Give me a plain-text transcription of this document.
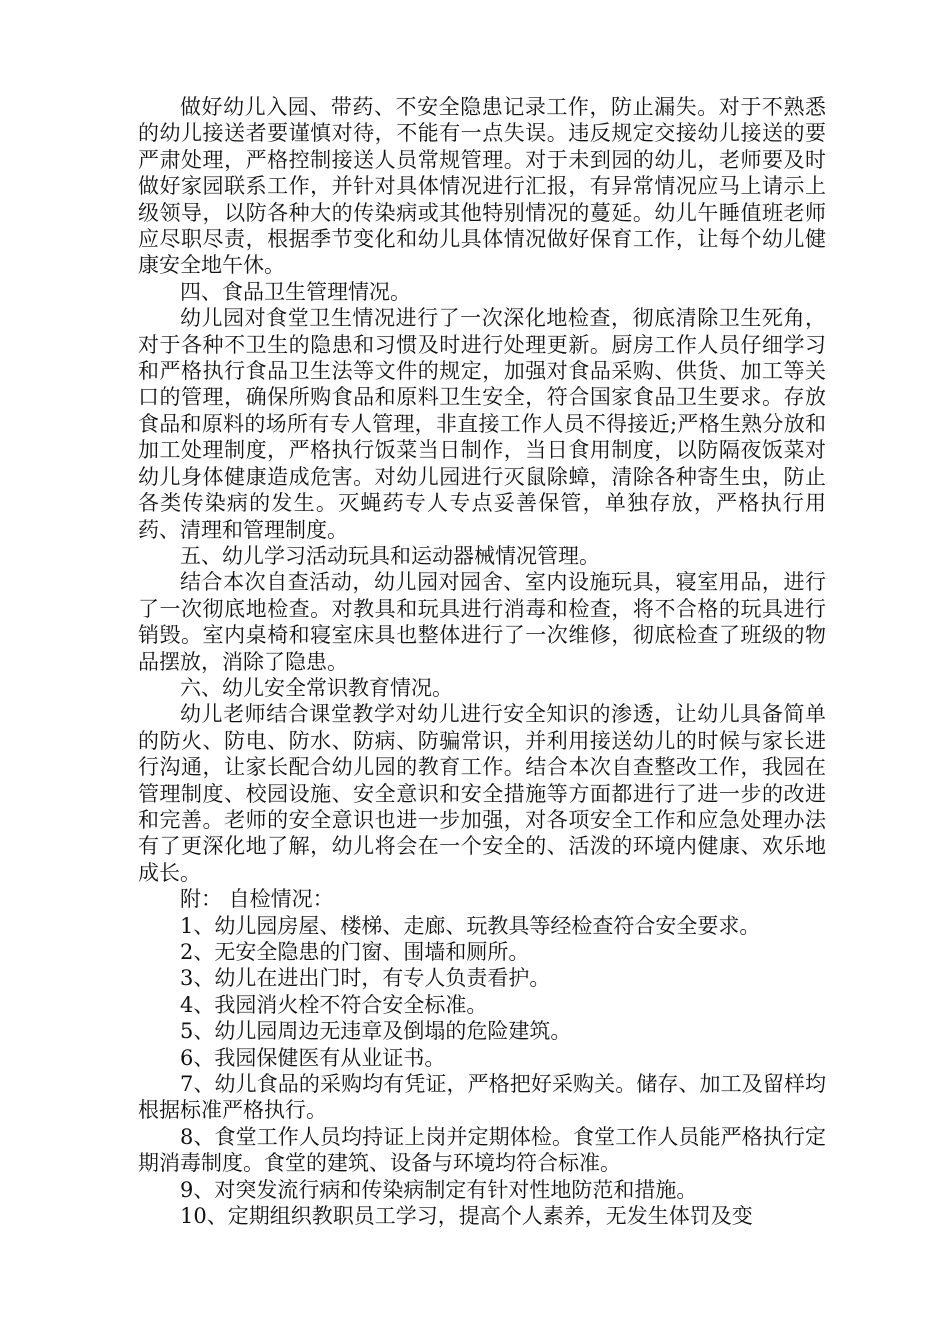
做好幼儿入园、带药、不安全隐患记录工作，防止漏失。对于不熟悉的幼儿接送者要谨慎对待，不能有一点失误。违反规定交接幼儿接送的要严肃处理，严格控制接送人员常规管理。对于未到园的幼儿，老师要及时做好家园联系工作，并针对具体情况进行汇报，有异常情况应马上请示上级领导，以防各种大的传染病或其他特别情况的蔓延。幼儿午睡值班老师应尽职尽责，根据季节变化和幼儿具体情况做好保育工作，让每个幼儿健康安全地午休。

四、食品卫生管理情况。

幼儿园对食堂卫生情况进行了一次深化地检查，彻底清除卫生死角，对于各种不卫生的隐患和习惯及时进行处理更新。厨房工作人员仔细学习和严格执行食品卫生法等文件的规定，加强对食品采购、供货、加工等关口的管理，确保所购食品和原料卫生安全，符合国家食品卫生要求。存放食品和原料的场所有专人管理，非直接工作人员不得接近;严格生熟分放和加工处理制度，严格执行饭菜当日制作，当日食用制度，以防隔夜饭菜对幼儿身体健康造成危害。对幼儿园进行灭鼠除蟑，清除各种寄生虫，防止各类传染病的发生。灭蝇药专人专点妥善保管，单独存放，严格执行用药、清理和管理制度。

五、幼儿学习活动玩具和运动器械情况管理。

结合本次自查活动，幼儿园对园舍、室内设施玩具，寝室用品，进行了一次彻底地检查。对教具和玩具进行消毒和检查，将不合格的玩具进行销毁。室内桌椅和寝室床具也整体进行了一次维修，彻底检查了班级的物品摆放，消除了隐患。

六、幼儿安全常识教育情况。

幼儿老师结合课堂教学对幼儿进行安全知识的渗透，让幼儿具备简单的防火、防电、防水、防病、防骗常识，并利用接送幼儿的时候与家长进行沟通，让家长配合幼儿园的教育工作。结合本次自查整改工作，我园在管理制度、校园设施、安全意识和安全措施等方面都进行了进一步的改进和完善。老师的安全意识也进一步加强，对各项安全工作和应急处理办法有了更深化地了解，幼儿将会在一个安全的、活泼的环境内健康、欢乐地成长。

附： 自检情况：

1、幼儿园房屋、楼梯、走廊、玩教具等经检查符合安全要求。

2、无安全隐患的门窗、围墙和厕所。

3、幼儿在进出门时，有专人负责看护。

4、我园消火栓不符合安全标准。

5、幼儿园周边无违章及倒塌的危险建筑。

6、我园保健医有从业证书。

7、幼儿食品的采购均有凭证，严格把好采购关。储存、加工及留样均根据标准严格执行。

8、食堂工作人员均持证上岗并定期体检。食堂工作人员能严格执行定期消毒制度。食堂的建筑、设备与环境均符合标准。

9、对突发流行病和传染病制定有针对性地防范和措施。

10、定期组织教职员工学习，提高个人素养，无发生体罚及变
